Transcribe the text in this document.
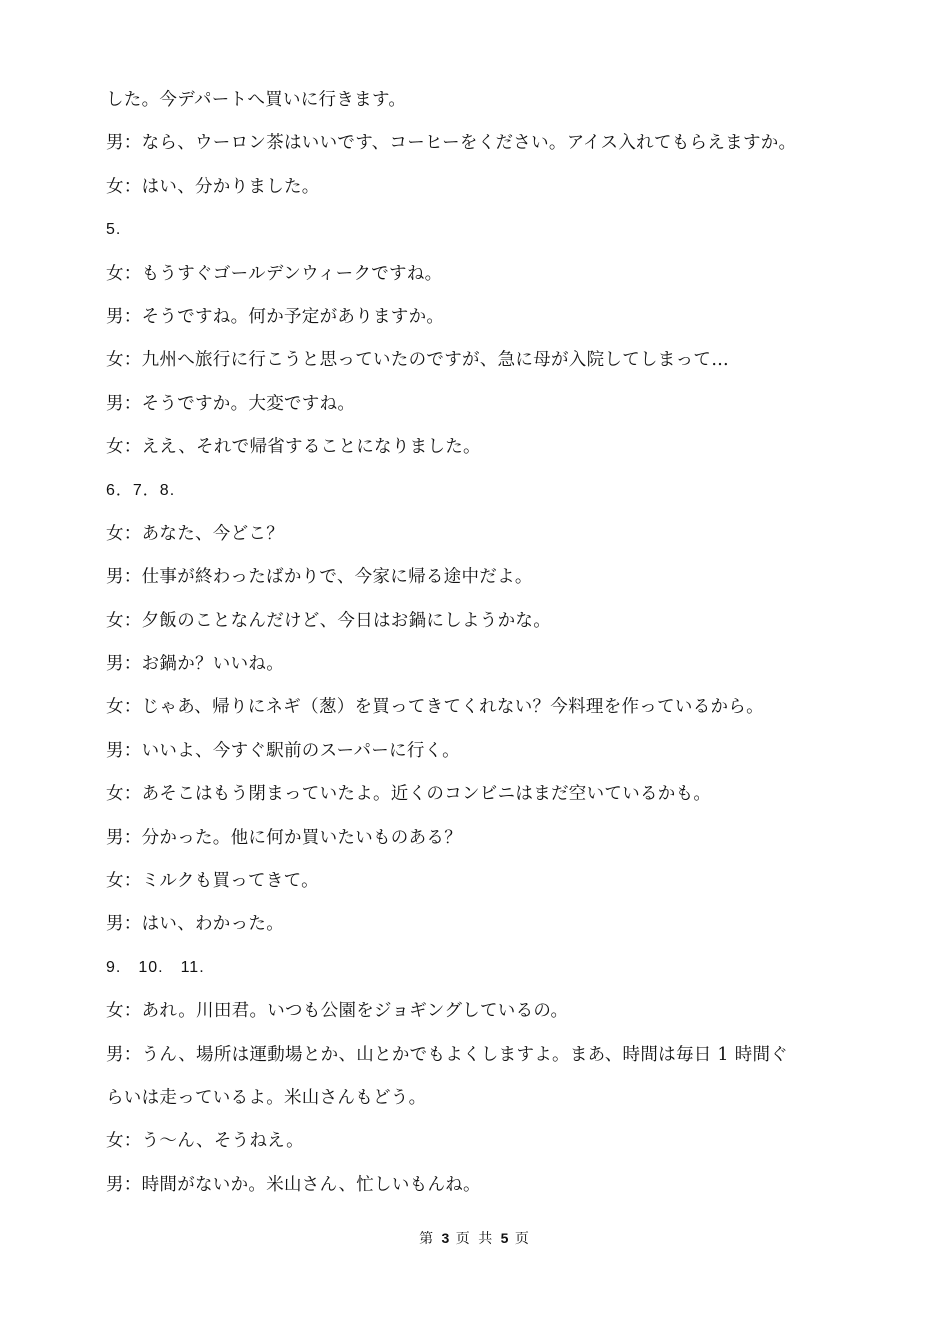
した。今デパートへ買いに行きます。
男：なら、ウーロン茶はいいです、コーヒーをください。アイス入れてもらえますか。
女：はい、分かりました。
5.
女：もうすぐゴールデンウィークですね。
男：そうですね。何か予定がありますか。
女：九州へ旅行に行こうと思っていたのですが、急に母が入院してしまって…
男：そうですか。大変ですね。
女：ええ、それで帰省することになりました。
6．7．8.
女：あなた、今どこ？
男：仕事が終わったばかりで、今家に帰る途中だよ。
女：夕飯のことなんだけど、今日はお鍋にしようかな。
男：お鍋か？いいね。
女：じゃあ、帰りにネギ（葱）を買ってきてくれない？今料理を作っているから。
男：いいよ、今すぐ駅前のスーパーに行く。
女：あそこはもう閉まっていたよ。近くのコンビニはまだ空いているかも。
男：分かった。他に何か買いたいものある？
女：ミルクも買ってきて。
男：はい、わかった。
9.　10.　11.
女：あれ。川田君。いつも公園をジョギングしているの。
男：うん、場所は運動場とか、山とかでもよくしますよ。まあ、時間は毎日 1 時間ぐ
らいは走っているよ。米山さんもどう。
女：う～ん、そうねえ。
男：時間がないか。米山さん、忙しいもんね。
第 3 页 共 5 页
